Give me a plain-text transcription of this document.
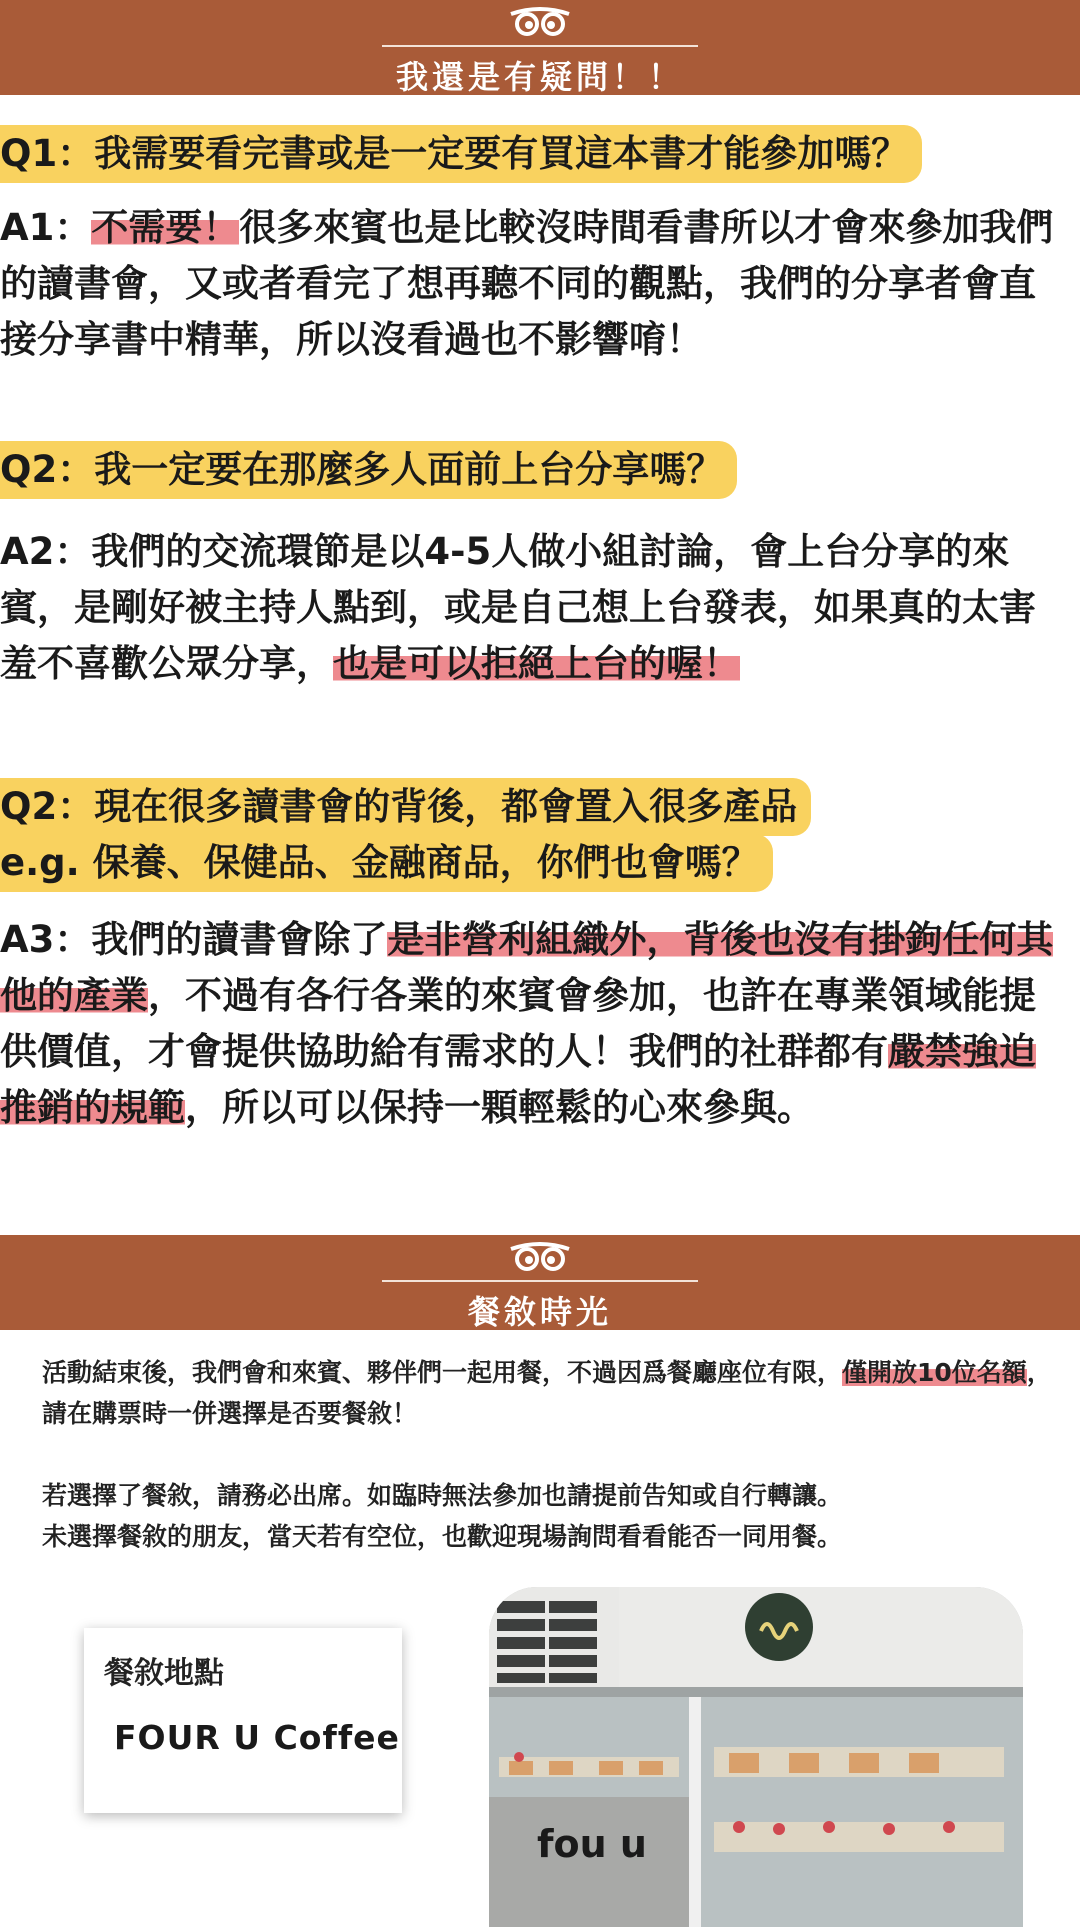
我還是有疑問！！
Q1：我需要看完書或是一定要有買這本書才能參加嗎？

A1：不需要！很多來賓也是比較沒時間看書所以才會來參加我們的讀書會，又或者看完了想再聽不同的觀點，我們的分享者會直接分享書中精華，所以沒看過也不影響唷！

Q2：我一定要在那麼多人面前上台分享嗎？

A2：我們的交流環節是以4-5人做小組討論，會上台分享的來賓，是剛好被主持人點到，或是自己想上台發表，如果真的太害羞不喜歡公眾分享，也是可以拒絕上台的喔！

Q2：現在很多讀書會的背後，都會置入很多產品
e.g. 保養、保健品、金融商品，你們也會嗎？

A3：我們的讀書會除了是非營利組織外，背後也沒有掛鉤任何其他的產業，不過有各行各業的來賓會參加，也許在專業領域能提供價值，才會提供協助給有需求的人！我們的社群都有嚴禁強迫推銷的規範，所以可以保持一顆輕鬆的心來參與。

餐敘時光

活動結束後，我們會和來賓、夥伴們一起用餐，不過因爲餐廳座位有限，僅開放10位名額，請在購票時一併選擇是否要餐敘！

若選擇了餐敘，請務必出席。如臨時無法參加也請提前告知或自行轉讓。
未選擇餐敘的朋友，當天若有空位，也歡迎現場詢問看看能否一同用餐。

餐敘地點
FOUR U Coffee
fou u
